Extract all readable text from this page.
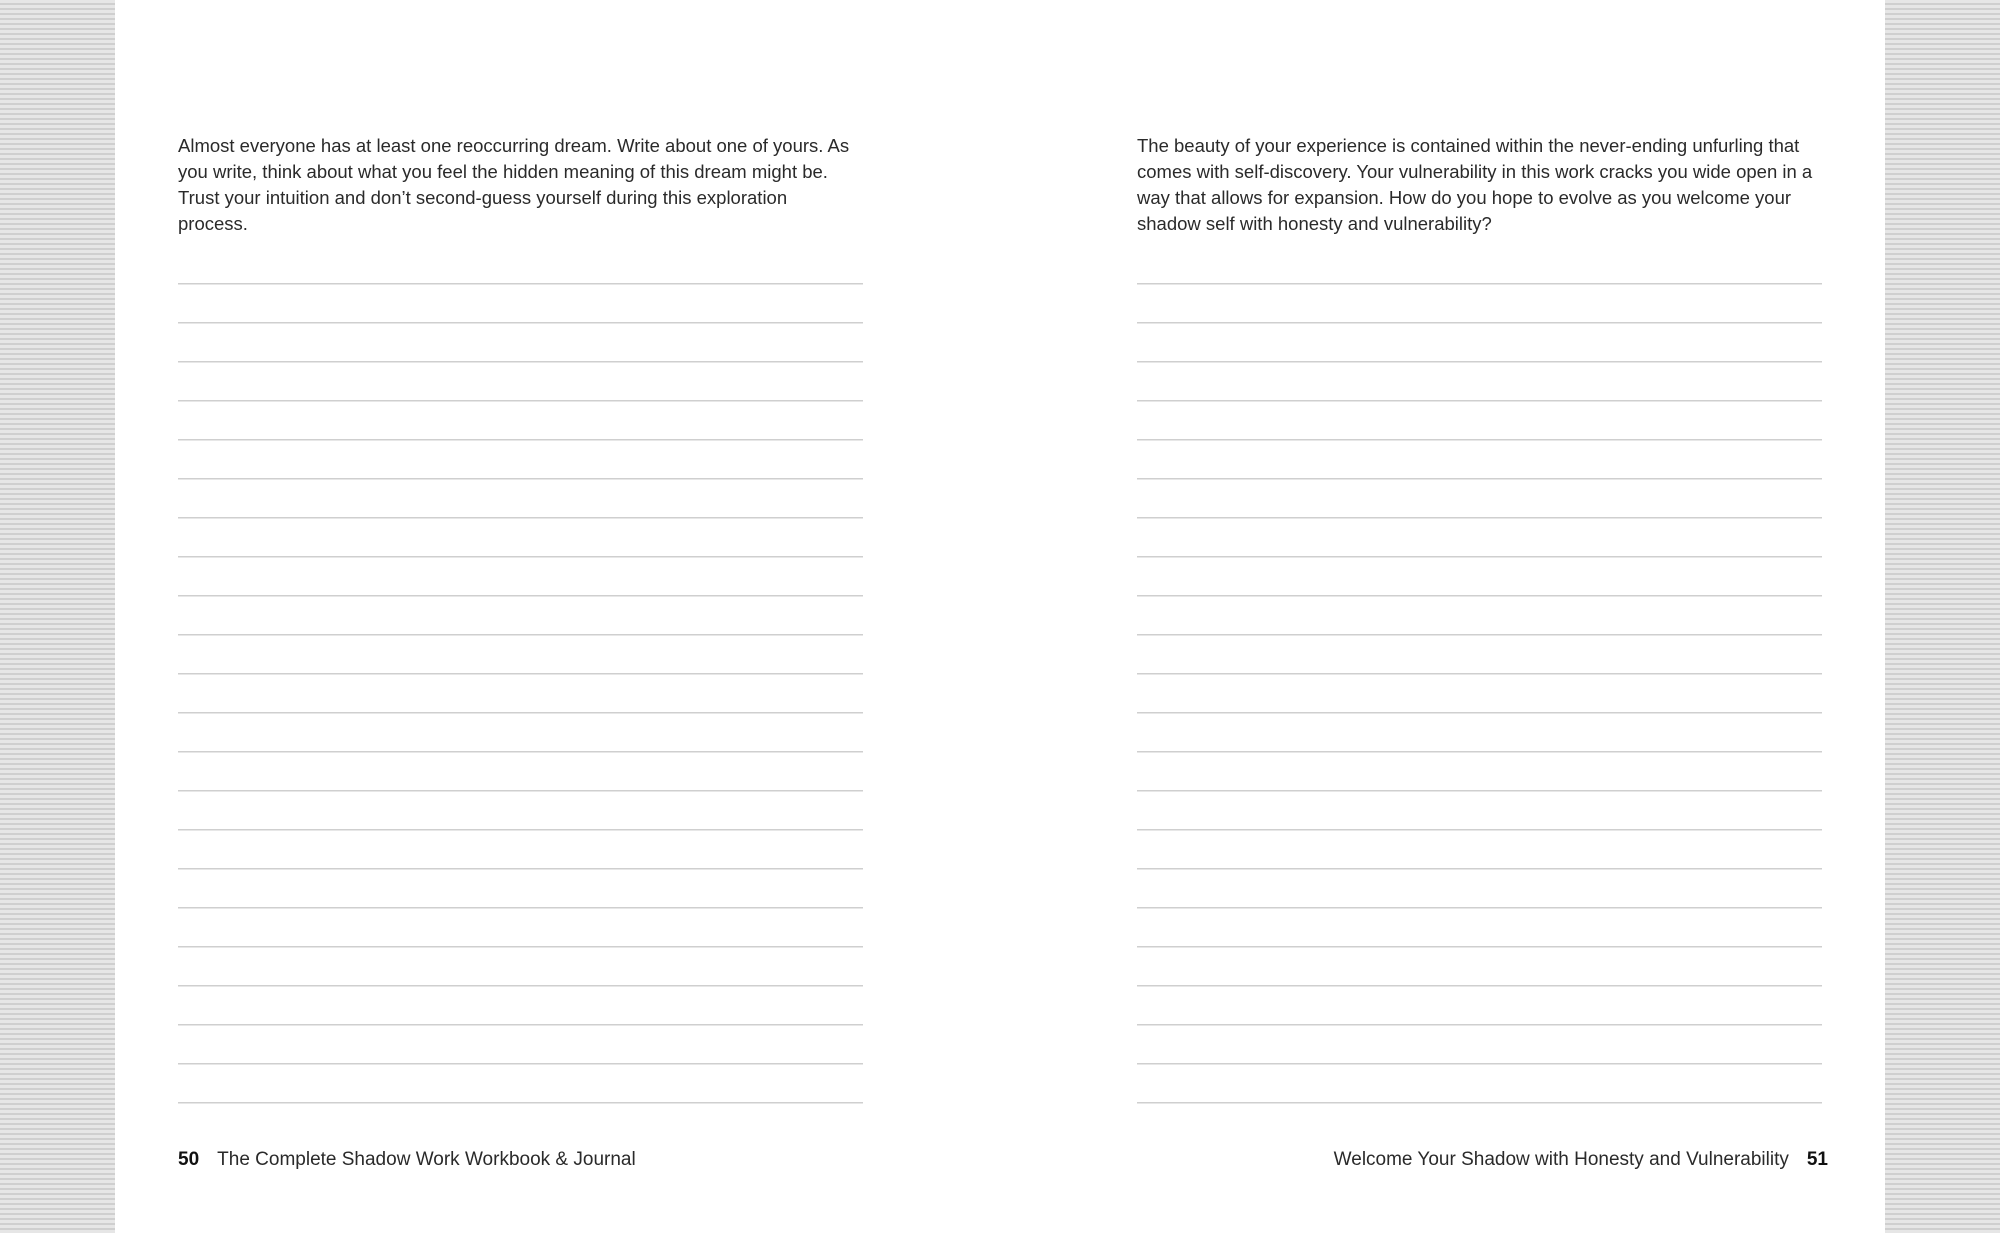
Almost everyone has at least one reoccurring dream. Write about one of yours. As you write, think about what you feel the hidden meaning of this dream might be. Trust your intuition and don’t second-guess yourself during this exploration process.

50 The Complete Shadow Work Workbook & Journal

The beauty of your experience is contained within the never-ending unfurling that comes with self-discovery. Your vulnerability in this work cracks you wide open in a way that allows for expansion. How do you hope to evolve as you welcome your shadow self with honesty and vulnerability?

Welcome Your Shadow with Honesty and Vulnerability 51
